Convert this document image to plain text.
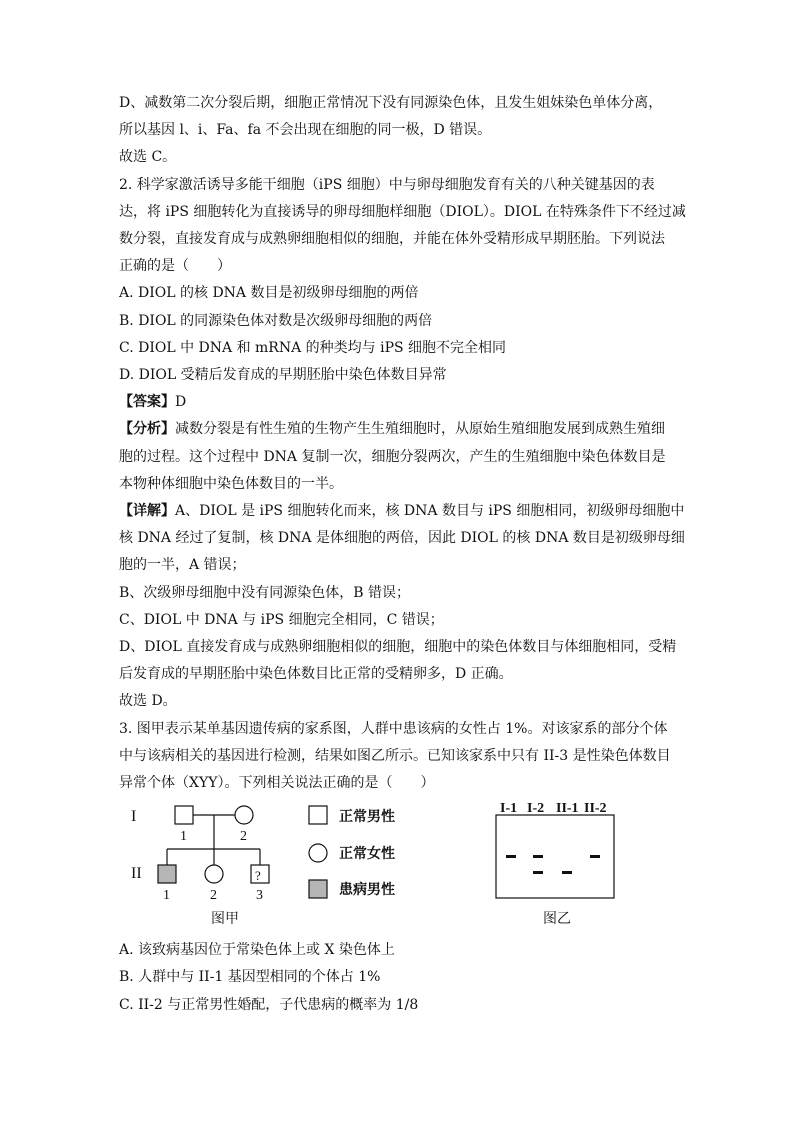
D、减数第二次分裂后期，细胞正常情况下没有同源染色体，且发生姐妹染色单体分离，
所以基因 l、i、Fa、fa 不会出现在细胞的同一极，D 错误。
故选 C。
2. 科学家激活诱导多能干细胞（iPS 细胞）中与卵母细胞发育有关的八种关键基因的表
达，将 iPS 细胞转化为直接诱导的卵母细胞样细胞（DIOL）。DIOL 在特殊条件下不经过减
数分裂，直接发育成与成熟卵细胞相似的细胞，并能在体外受精形成早期胚胎。下列说法
正确的是（　　）
A. DIOL 的核 DNA 数目是初级卵母细胞的两倍
B. DIOL 的同源染色体对数是次级卵母细胞的两倍
C. DIOL 中 DNA 和 mRNA 的种类均与 iPS 细胞不完全相同
D. DIOL 受精后发育成的早期胚胎中染色体数目异常
【答案】D
【分析】减数分裂是有性生殖的生物产生生殖细胞时，从原始生殖细胞发展到成熟生殖细
胞的过程。这个过程中 DNA 复制一次，细胞分裂两次，产生的生殖细胞中染色体数目是
本物种体细胞中染色体数目的一半。
【详解】A、DIOL 是 iPS 细胞转化而来，核 DNA 数目与 iPS 细胞相同，初级卵母细胞中
核 DNA 经过了复制，核 DNA 是体细胞的两倍，因此 DIOL 的核 DNA 数目是初级卵母细
胞的一半，A 错误；
B、次级卵母细胞中没有同源染色体，B 错误；
C、DIOL 中 DNA 与 iPS 细胞完全相同，C 错误；
D、DIOL 直接发育成与成熟卵细胞相似的细胞，细胞中的染色体数目与体细胞相同，受精
后发育成的早期胚胎中染色体数目比正常的受精卵多，D 正确。
故选 D。
3. 图甲表示某单基因遗传病的家系图，人群中患该病的女性占 1%。对该家系的部分个体
中与该病相关的基因进行检测，结果如图乙所示。已知该家系中只有 II-3 是性染色体数目
异常个体（XYY）。下列相关说法正确的是（　　）
I
II
1	2
?
1	2	3
正常男性
正常女性
患病男性
图甲
I-1 I-2 II-1 II-2
图乙
A. 该致病基因位于常染色体上或 X 染色体上
B. 人群中与 II-1 基因型相同的个体占 1%
C. II-2 与正常男性婚配，子代患病的概率为 1/8
